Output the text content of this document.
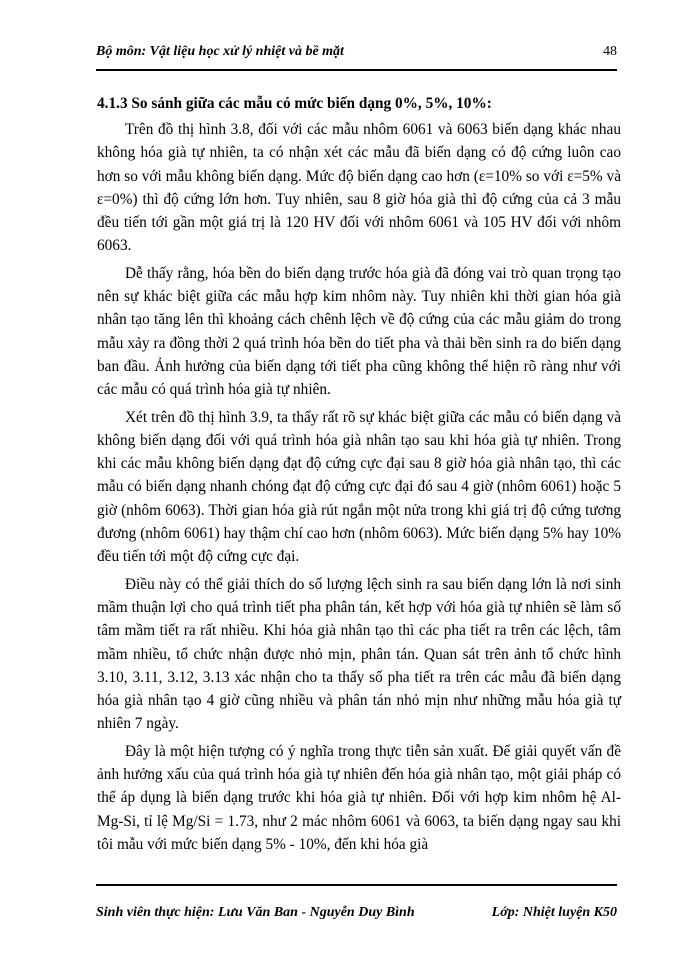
Bộ môn: Vật liệu học xử lý nhiệt và bề mặt	48
4.1.3 So sánh giữa các mẫu có mức biến dạng 0%, 5%, 10%:

Trên đồ thị hình 3.8, đối với các mẫu nhôm 6061 và 6063 biến dạng khác nhau không hóa già tự nhiên, ta có nhận xét các mẫu đã biến dạng có độ cứng luôn cao hơn so với mẫu không biến dạng. Mức độ biến dạng cao hơn (ε=10% so với ε=5% và ε=0%) thì độ cứng lớn hơn. Tuy nhiên, sau 8 giờ hóa già thì độ cứng của cả 3 mẫu đều tiến tới gần một giá trị là 120 HV đối với nhôm 6061 và 105 HV đối với nhôm 6063.

Dễ thấy rằng, hóa bền do biến dạng trước hóa già đã đóng vai trò quan trọng tạo nên sự khác biệt giữa các mẫu hợp kim nhôm này. Tuy nhiên khi thời gian hóa già nhân tạo tăng lên thì khoảng cách chênh lệch về độ cứng của các mẫu giảm do trong mẫu xảy ra đồng thời 2 quá trình hóa bền do tiết pha và thải bền sinh ra do biến dạng ban đầu. Ảnh hưởng của biến dạng tới tiết pha cũng không thể hiện rõ ràng như với các mẫu có quá trình hóa già tự nhiên.

Xét trên đồ thị hình 3.9, ta thấy rất rõ sự khác biệt giữa các mẫu có biến dạng và không biến dạng đối với quá trình hóa già nhân tạo sau khi hóa già tự nhiên. Trong khi các mẫu không biến dạng đạt độ cứng cực đại sau 8 giờ hóa già nhân tạo, thì các mẫu có biến dạng nhanh chóng đạt độ cứng cực đại đó sau 4 giờ (nhôm 6061) hoặc 5 giờ (nhôm 6063). Thời gian hóa già rút ngắn một nửa trong khi giá trị độ cứng tương đương (nhôm 6061) hay thậm chí cao hơn (nhôm 6063). Mức biến dạng 5% hay 10% đều tiến tới một độ cứng cực đại.

Điều này có thể giải thích do số lượng lệch sinh ra sau biến dạng lớn là nơi sinh mầm thuận lợi cho quá trình tiết pha phân tán, kết hợp với hóa già tự nhiên sẽ làm số tâm mầm tiết ra rất nhiều. Khi hóa già nhân tạo thì các pha tiết ra trên các lệch, tâm mầm nhiều, tổ chức nhận được nhỏ mịn, phân tán. Quan sát trên ảnh tổ chức hình 3.10, 3.11, 3.12, 3.13 xác nhận cho ta thấy số pha tiết ra trên các mẫu đã biến dạng hóa già nhân tạo 4 giờ cũng nhiều và phân tán nhỏ mịn như những mẫu hóa già tự nhiên 7 ngày.

Đây là một hiện tượng có ý nghĩa trong thực tiễn sản xuất. Để giải quyết vấn đề ảnh hưởng xấu của quá trình hóa già tự nhiên đến hóa già nhân tạo, một giải pháp có thể áp dụng là biến dạng trước khi hóa già tự nhiên. Đối với hợp kim nhôm hệ Al-Mg-Si, tỉ lệ Mg/Si = 1.73, như 2 mác nhôm 6061 và 6063, ta biến dạng ngay sau khi tôi mẫu với mức biến dạng 5% - 10%, đến khi hóa già

Sinh viên thực hiện: Lưu Văn Ban - Nguyễn Duy Bình	Lớp: Nhiệt luyện K50
